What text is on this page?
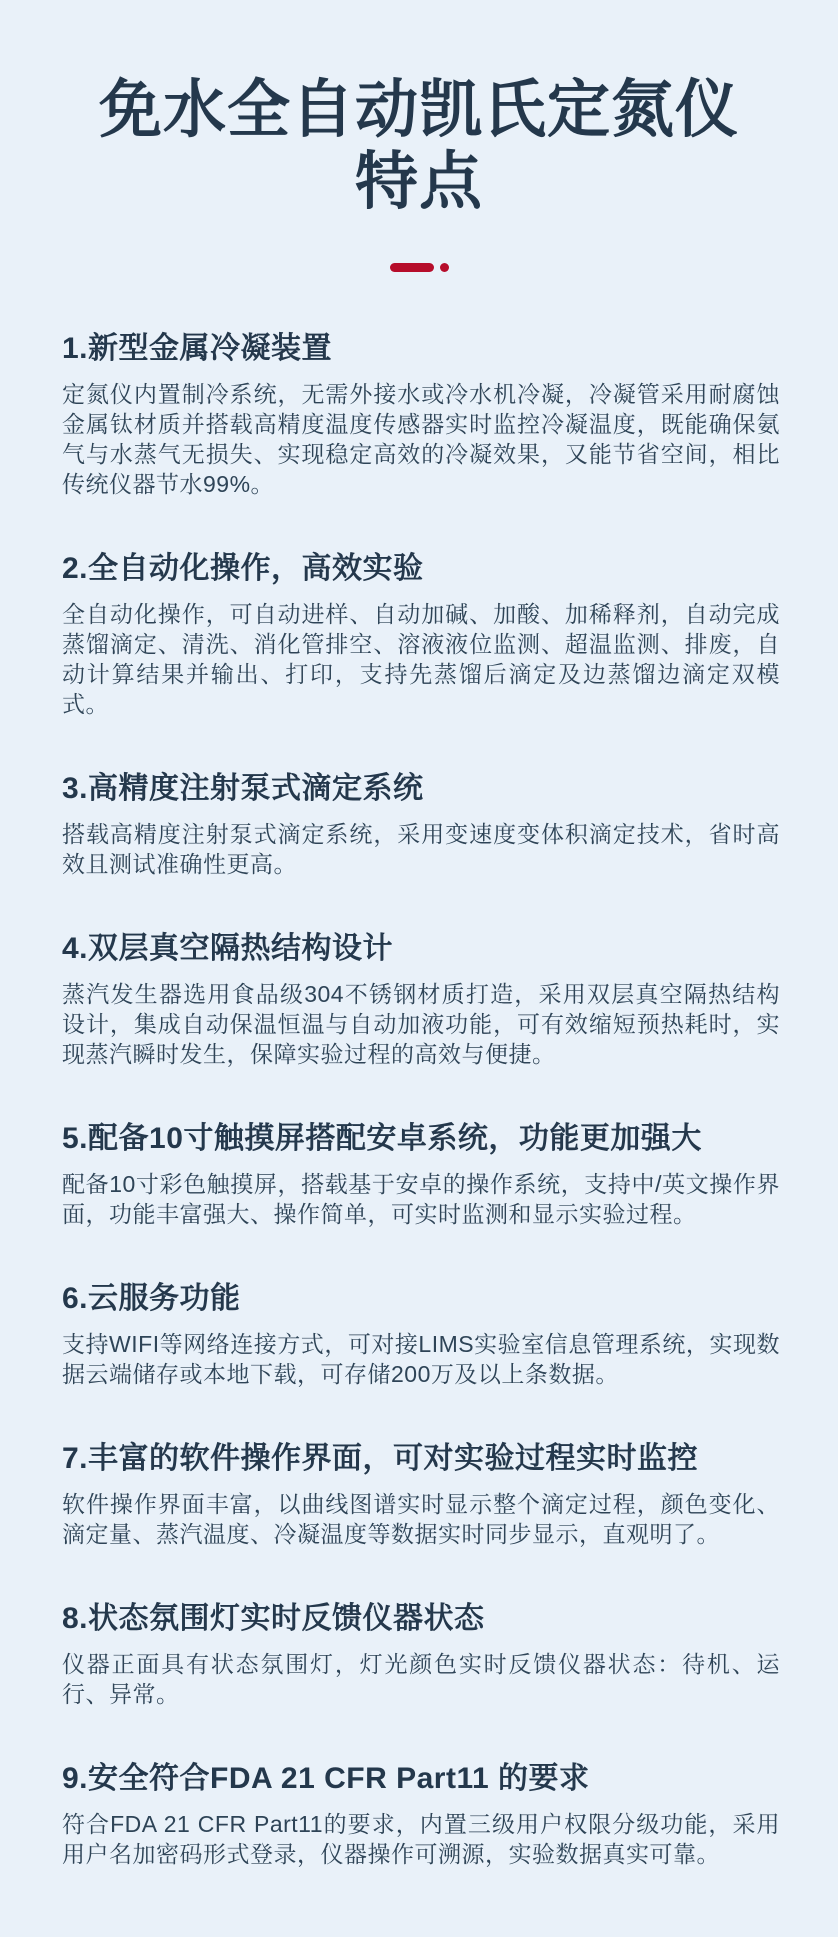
免水全自动凯氏定氮仪
特点
1.新型金属冷凝装置

定氮仪内置制冷系统，无需外接水或冷水机冷凝，冷凝管采用耐腐蚀金属钛材质并搭载高精度温度传感器实时监控冷凝温度，既能确保氨气与水蒸气无损失、实现稳定高效的冷凝效果，又能节省空间，相比传统仪器节水99%。

2.全自动化操作，高效实验

全自动化操作，可自动进样、自动加碱、加酸、加稀释剂，自动完成蒸馏滴定、清洗、消化管排空、溶液液位监测、超温监测、排废，自动计算结果并输出、打印，支持先蒸馏后滴定及边蒸馏边滴定双模式。

3.高精度注射泵式滴定系统

搭载高精度注射泵式滴定系统，采用变速度变体积滴定技术，省时高效且测试准确性更高。

4.双层真空隔热结构设计

蒸汽发生器选用食品级304不锈钢材质打造，采用双层真空隔热结构设计，集成自动保温恒温与自动加液功能，可有效缩短预热耗时，实现蒸汽瞬时发生，保障实验过程的高效与便捷。

5.配备10寸触摸屏搭配安卓系统，功能更加强大

配备10寸彩色触摸屏，搭载基于安卓的操作系统，支持中/英文操作界面，功能丰富强大、操作简单，可实时监测和显示实验过程。

6.云服务功能

支持WIFI等网络连接方式，可对接LIMS实验室信息管理系统，实现数据云端储存或本地下载，可存储200万及以上条数据。

7.丰富的软件操作界面，可对实验过程实时监控

软件操作界面丰富，以曲线图谱实时显示整个滴定过程，颜色变化、滴定量、蒸汽温度、冷凝温度等数据实时同步显示，直观明了。

8.状态氛围灯实时反馈仪器状态

仪器正面具有状态氛围灯，灯光颜色实时反馈仪器状态：待机、运行、异常。

9.安全符合FDA 21 CFR Part11 的要求

符合FDA 21 CFR Part11的要求，内置三级用户权限分级功能，采用用户名加密码形式登录，仪器操作可溯源，实验数据真实可靠。
